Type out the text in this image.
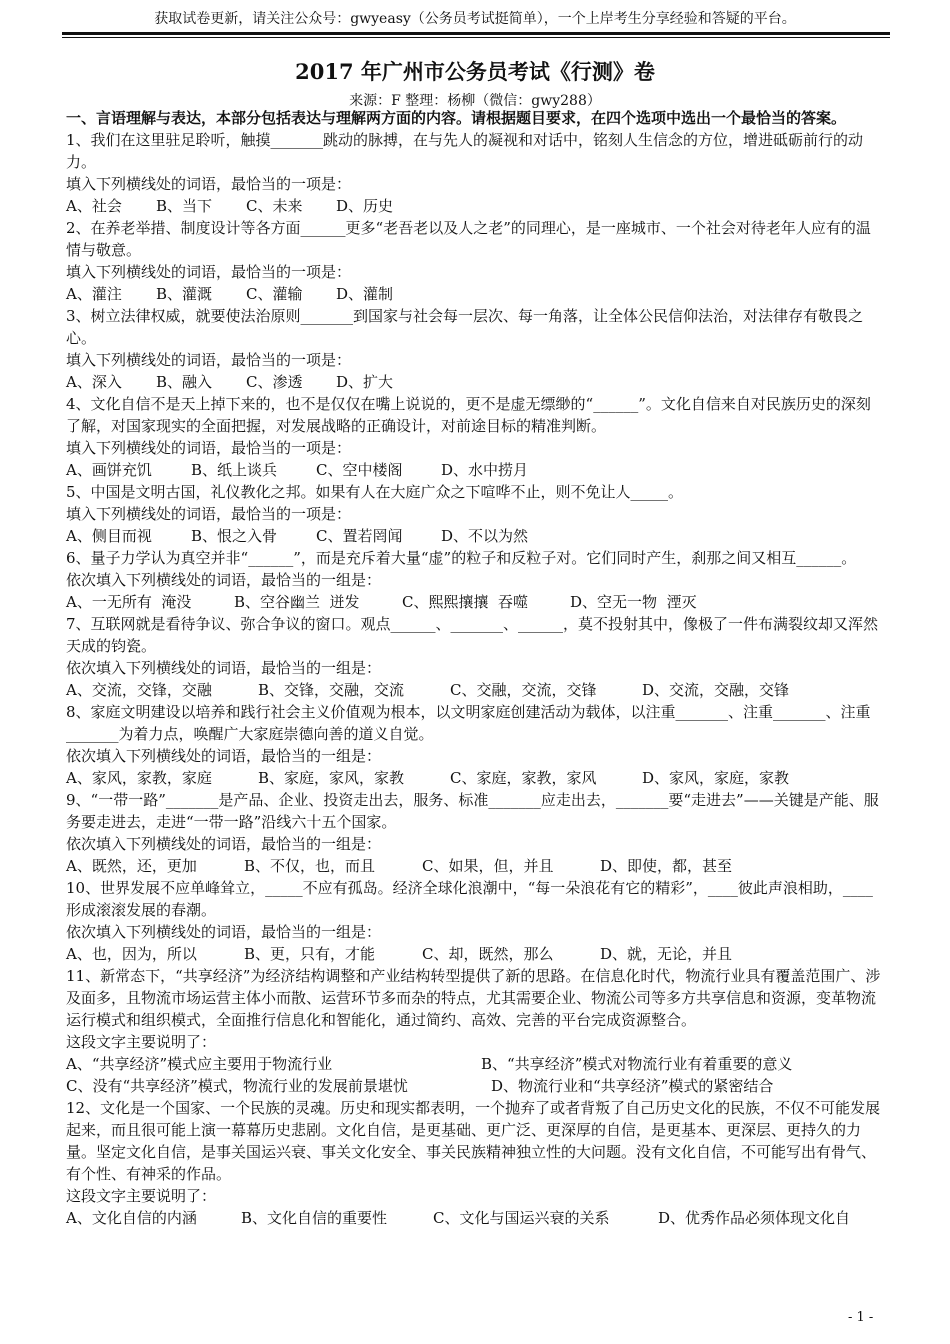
获取试卷更新，请关注公众号：gwyeasy（公务员考试挺简单），一个上岸考生分享经验和答疑的平台。
2017 年广州市公务员考试《行测》卷
来源：F 整理：杨柳（微信：gwy288）

一、言语理解与表达，本部分包括表达与理解两方面的内容。请根据题目要求，在四个选项中选出一个最恰当的答案。

1、我们在这里驻足聆听，触摸_______跳动的脉搏，在与先人的凝视和对话中，铭刻人生信念的方位，增进砥砺前行的动力。

填入下列横线处的词语，最恰当的一项是：

A、社会 B、当下 C、未来 D、历史

2、在养老举措、制度设计等各方面______更多“老吾老以及人之老”的同理心，是一座城市、一个社会对待老年人应有的温情与敬意。

填入下列横线处的词语，最恰当的一项是：

A、灌注 B、灌溉 C、灌输 D、灌制

3、树立法律权威，就要使法治原则_______到国家与社会每一层次、每一角落，让全体公民信仰法治，对法律存有敬畏之心。

填入下列横线处的词语，最恰当的一项是：

A、深入 B、融入 C、渗透 D、扩大

4、文化自信不是天上掉下来的，也不是仅仅在嘴上说说的，更不是虚无缥缈的“______”。文化自信来自对民族历史的深刻了解，对国家现实的全面把握，对发展战略的正确设计，对前途目标的精准判断。

填入下列横线处的词语，最恰当的一项是：

A、画饼充饥	B、纸上谈兵	C、空中楼阁	D、水中捞月

5、中国是文明古国，礼仪教化之邦。如果有人在大庭广众之下喧哗不止，则不免让人_____。

填入下列横线处的词语，最恰当的一项是：

A、侧目而视	B、恨之入骨	C、置若罔闻	D、不以为然

6、量子力学认为真空并非“______”，而是充斥着大量“虚”的粒子和反粒子对。它们同时产生，刹那之间又相互______。

依次填入下列横线处的词语，最恰当的一组是：

A、一无所有  淹没	B、空谷幽兰  迸发	C、熙熙攘攘  吞噬	D、空无一物  湮灭

7、互联网就是看待争议、弥合争议的窗口。观点______、_______、______，莫不投射其中，像极了一件布满裂纹却又浑然天成的钧瓷。

依次填入下列横线处的词语，最恰当的一组是：

A、交流，交锋，交融	B、交锋，交融，交流	C、交融，交流，交锋	D、交流，交融，交锋

8、家庭文明建设以培养和践行社会主义价值观为根本，以文明家庭创建活动为载体，以注重_______、注重_______、注重_______为着力点，唤醒广大家庭崇德向善的道义自觉。

依次填入下列横线处的词语，最恰当的一组是：

A、家风，家教，家庭	B、家庭，家风，家教	C、家庭，家教，家风	D、家风，家庭，家教

9、“一带一路”_______是产品、企业、投资走出去，服务、标准_______应走出去，_______要“走进去”——关键是产能、服务要走进去，走进“一带一路”沿线六十五个国家。

依次填入下列横线处的词语，最恰当的一组是：

A、既然，还，更加	B、不仅，也，而且	C、如果，但，并且	D、即使，都，甚至

10、世界发展不应单峰耸立，_____不应有孤岛。经济全球化浪潮中，“每一朵浪花有它的精彩”，____彼此声浪相助，____形成滚滚发展的春潮。

依次填入下列横线处的词语，最恰当的一组是：

A、也，因为，所以	B、更，只有，才能	C、却，既然，那么	D、就，无论，并且

11、新常态下，“共享经济”为经济结构调整和产业结构转型提供了新的思路。在信息化时代，物流行业具有覆盖范围广、涉及面多，且物流市场运营主体小而散、运营环节多而杂的特点，尤其需要企业、物流公司等多方共享信息和资源，变革物流运行模式和组织模式，全面推行信息化和智能化，通过简约、高效、完善的平台完成资源整合。

这段文字主要说明了：

A、“共享经济”模式应主要用于物流行业	B、“共享经济”模式对物流行业有着重要的意义

C、没有“共享经济”模式，物流行业的发展前景堪忧	D、物流行业和“共享经济”模式的紧密结合

12、文化是一个国家、一个民族的灵魂。历史和现实都表明，一个抛弃了或者背叛了自己历史文化的民族，不仅不可能发展起来，而且很可能上演一幕幕历史悲剧。文化自信，是更基础、更广泛、更深厚的自信，是更基本、更深层、更持久的力量。坚定文化自信，是事关国运兴衰、事关文化安全、事关民族精神独立性的大问题。没有文化自信，不可能写出有骨气、有个性、有神采的作品。

这段文字主要说明了：

A、文化自信的内涵	B、文化自信的重要性	C、文化与国运兴衰的关系	D、优秀作品必须体现文化自

- 1 -
